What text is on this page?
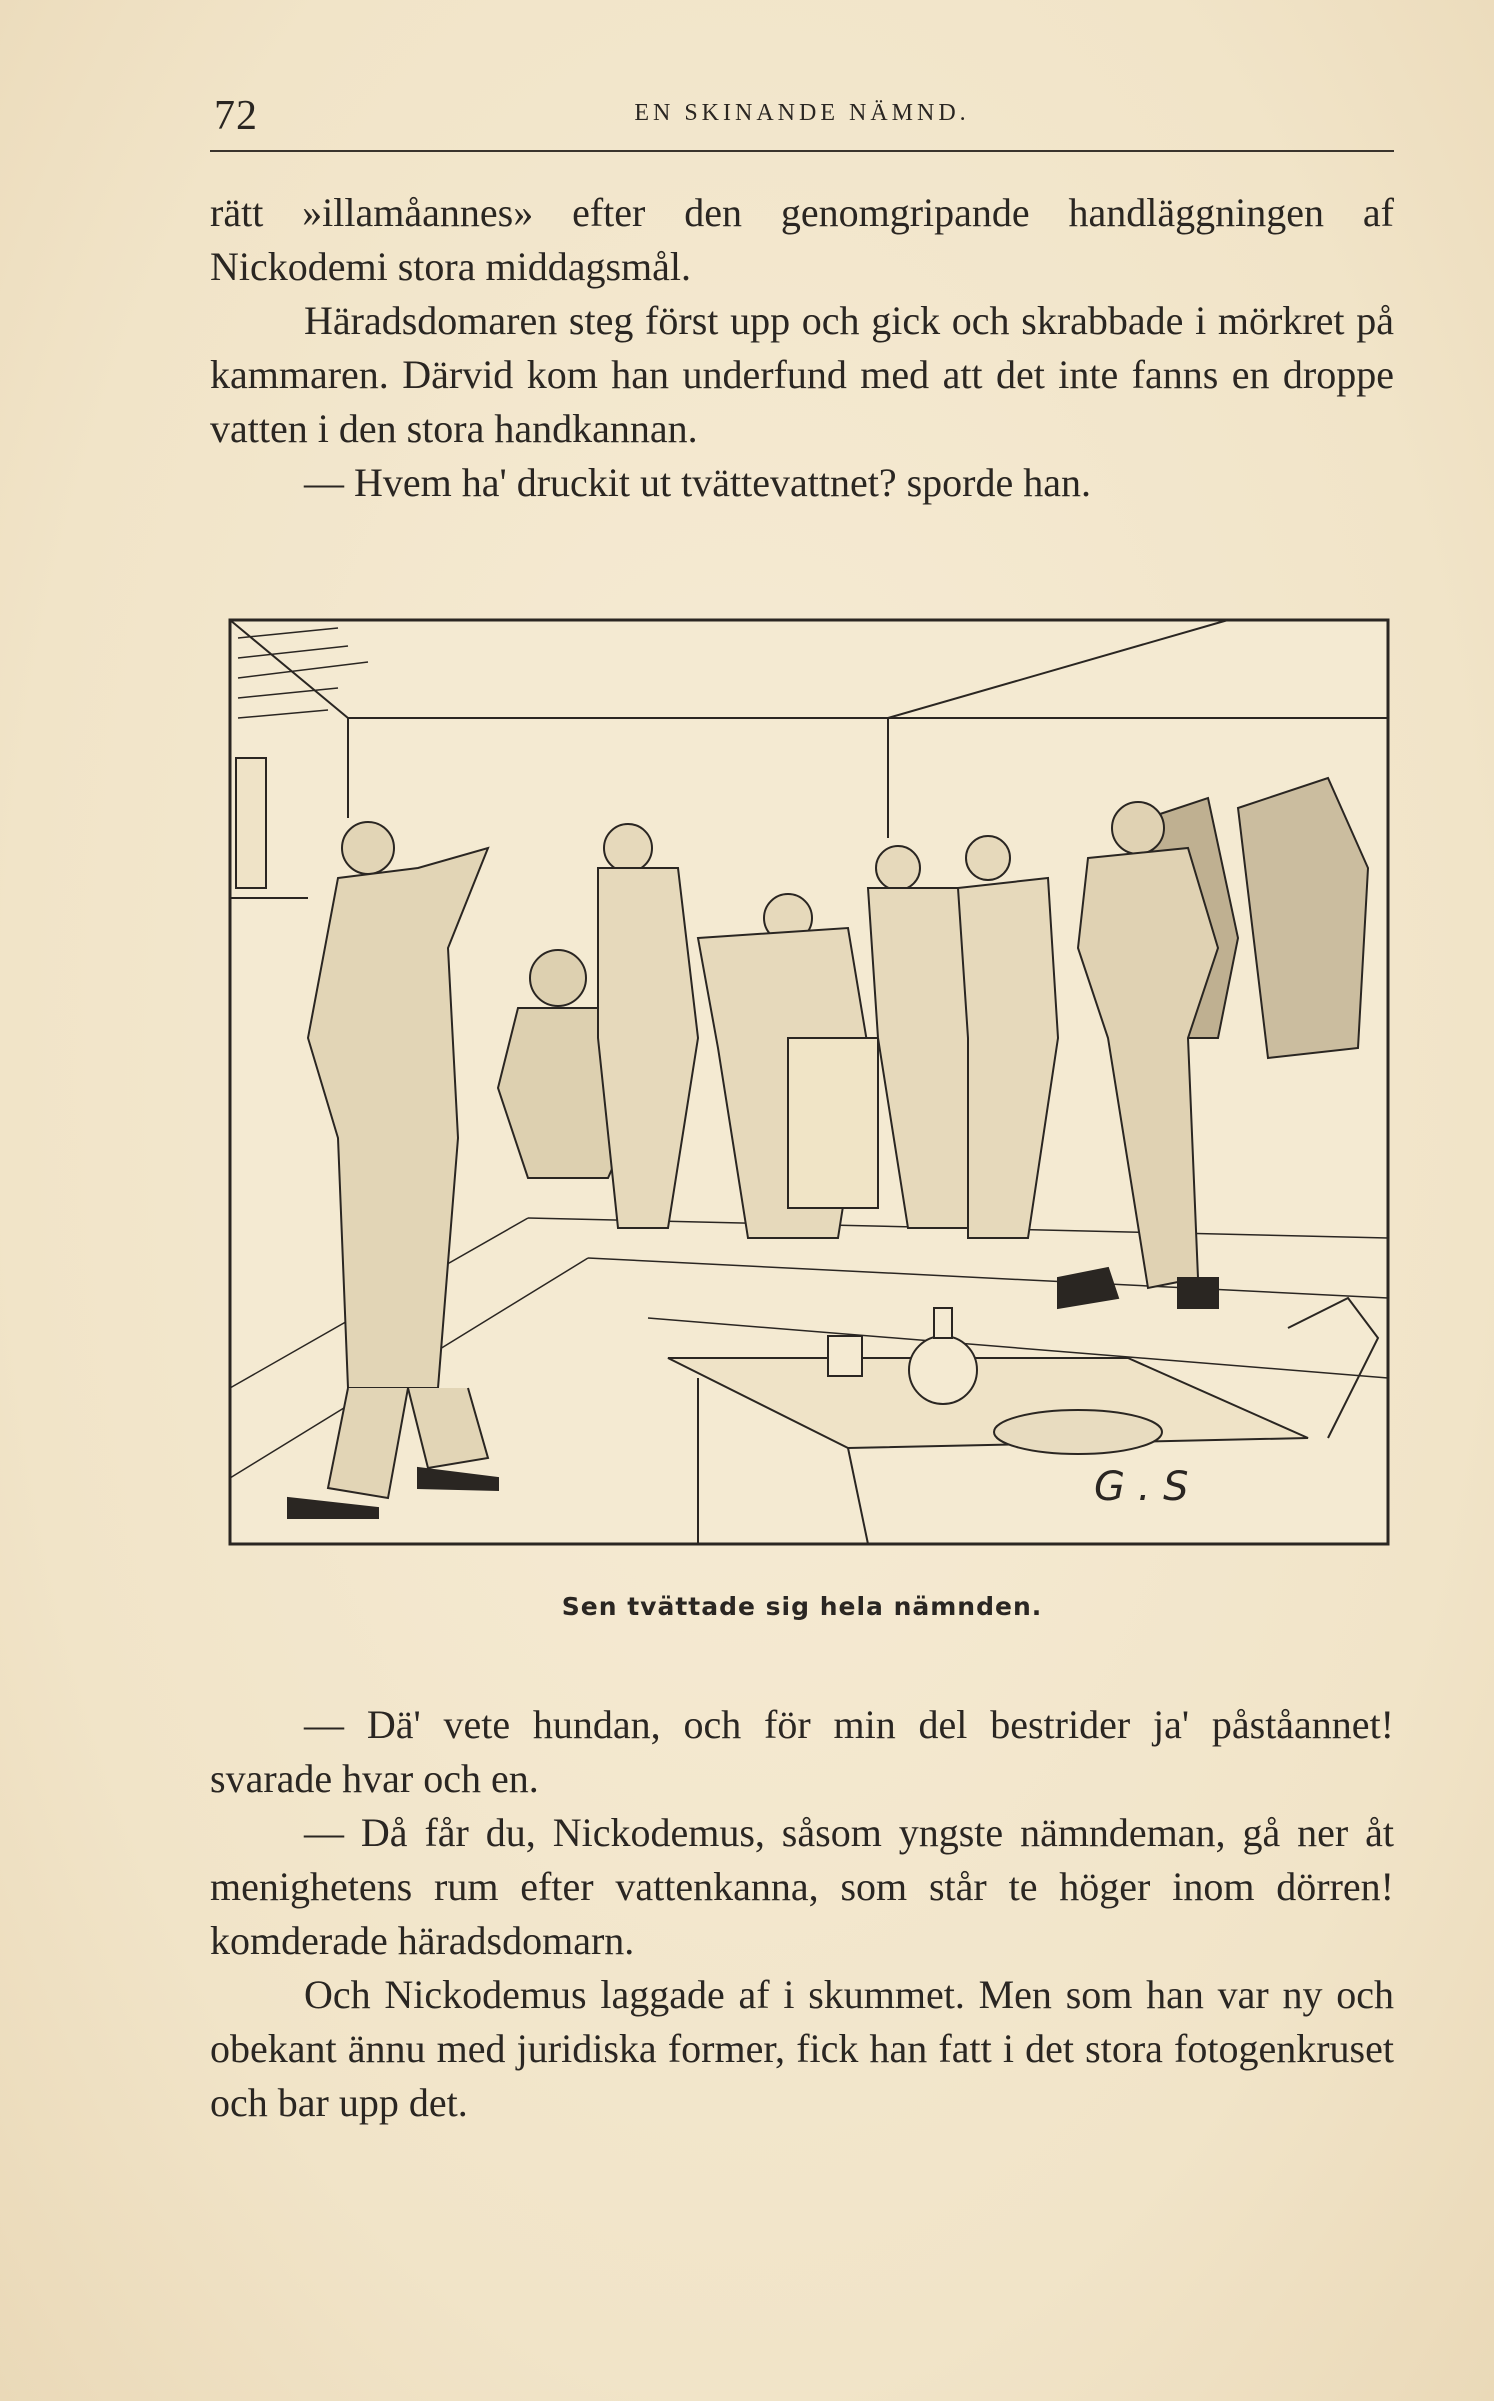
72	EN SKINANDE NÄMND.

rätt »illamåannes» efter den genomgripande handläggningen af Nickodemi stora middagsmål.

Häradsdomaren steg först upp och gick och skrabbade i mörkret på kammaren. Därvid kom han underfund med att det inte fanns en droppe vatten i den stora handkannan.

— Hvem ha' druckit ut tvättevattnet? sporde han.

G . S
Sen tvättade sig hela nämnden.

— Dä' vete hundan, och för min del bestrider ja' påståannet! svarade hvar och en.

— Då får du, Nickodemus, såsom yngste nämndeman, gå ner åt menighetens rum efter vattenkanna, som står te höger inom dörren! komderade häradsdomarn.

Och Nickodemus laggade af i skummet. Men som han var ny och obekant ännu med juridiska former, fick han fatt i det stora fotogenkruset och bar upp det.
